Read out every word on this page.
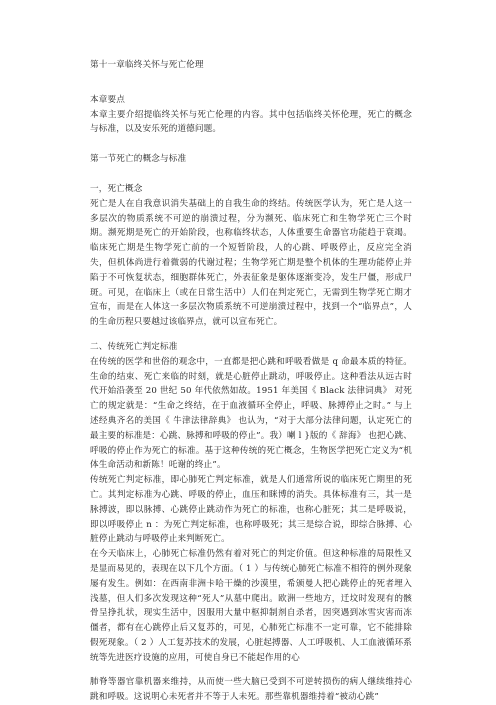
第十一章临终关怀与死亡伦理

本章要点

本章主要介绍提临终关怀与死亡伦理的内容。其中包括临终关怀伦理，死亡的概念与标准，以及安乐死的道德问题。

第一节死亡的概念与标准

一，死亡概念

死亡是人在自我意识消失基础上的自我生命的终结。传统医学认为，死亡是人这一多层次的物质系统不可逆的崩溃过程，分为濒死、临床死亡和生物学死亡三个时期。濒死期是死亡的开始阶段，也称临终状态，人体重要生命器官功能趋于衰竭。临床死亡期是生物学死亡前的一个短暂阶段，人的心跳、呼吸停止，反应完全消失，但机体尚进行着微弱的代谢过程；生物学死亡期是整个机体的生理功能停止并陷于不可恢复状态，细胞群体死亡，外表征象是躯体逐渐变冷，发生尸僵，形成尸斑。可见，在临床上（或在日常生活中）人们在判定死亡，无需到生物学死亡期才宣布，而是在人体这一多层次物质系统不可逆崩溃过程中，找到一个“临界点”，人的生命历程只要越过该临界点，就可以宣布死亡。

二、传统死亡判定标准

在传统的医学和世俗的观念中，一直都是把心跳和呼吸看做是 q 命最本质的特征。生命的结束、死亡来临的时刻，就是心脏停止跳动，呼吸停止。这种看法从远古时代开始沿袭至 20 世纪 50 年代依然如故。1951 年美国《 Black 法律词典》 对死亡的规定就是：“生命之终结，在于血液循环全停止，呼吸、脉搏停止之时。” 与上述经典齐名的美国《 牛津法律辞典》 也认为，“对于大部分法律问题，认定死亡的最主要的标准是：心跳、脉搏和呼吸的停止”。我）喇 l }版的《 辞海》 也把心跳、呼吸的停止作为死亡的标准。基于这种传统的死亡概念，生物医学把死亡定义为“机体生命活动和新陈！吒谢的终止”。

传统死亡判定标准，即心肺死亡判定标准，就是人们通常所说的临床死亡期里的死亡。其判定标准为心跳、呼吸的停止，血压和眯博的消失。具体标准有三，其一是脉搏波，即以脉搏、心跳停止跳动作为死亡的标准，也称心脏死；其二是呼吸说，即以呼吸停止 n ：为死亡判定标准，也称呼吸死；其三是综合说，即综合脉搏、心脏停止跳动与呼吸停止来判断死亡。

在今天临床上，心肺死亡标准仍然有着对死亡的判定价值。但这种标准的局限性又是显而易见的，表现在以下几个方面。（ 1 ）与传统心肺死亡标准不相符的例外现象屡有发生。例如：在西南非洲卡哈干燥的沙漠里，希颁曼人把心跳停止的死者埋入浅墓，但人们多次发现这种“死人”从墓中爬出。欧洲一些地方，迁坟时发现有的骸骨呈挣扎状，现实生活中，因服用大量中枢抑制剂自杀者，因突遇到冰雪灾害而冻僵者，都有在心跳停止后又复苏的，可见，心肺死亡标准不一定可靠，它不能排除假死现象。（ 2 ）人工复苏技术的发展，心脏起搏器、人工呼吸机、人工血液循环系统等先进医疗设施的应用，可使自身已不能起作用的心

肺脊等器官靠机器来维持，从而使一些大脑已受到不可逆转损伤的病人继续维持心跳和呼吸。这说明心未死者并不等于人未死。那些靠机器维持着“被动心跳”
